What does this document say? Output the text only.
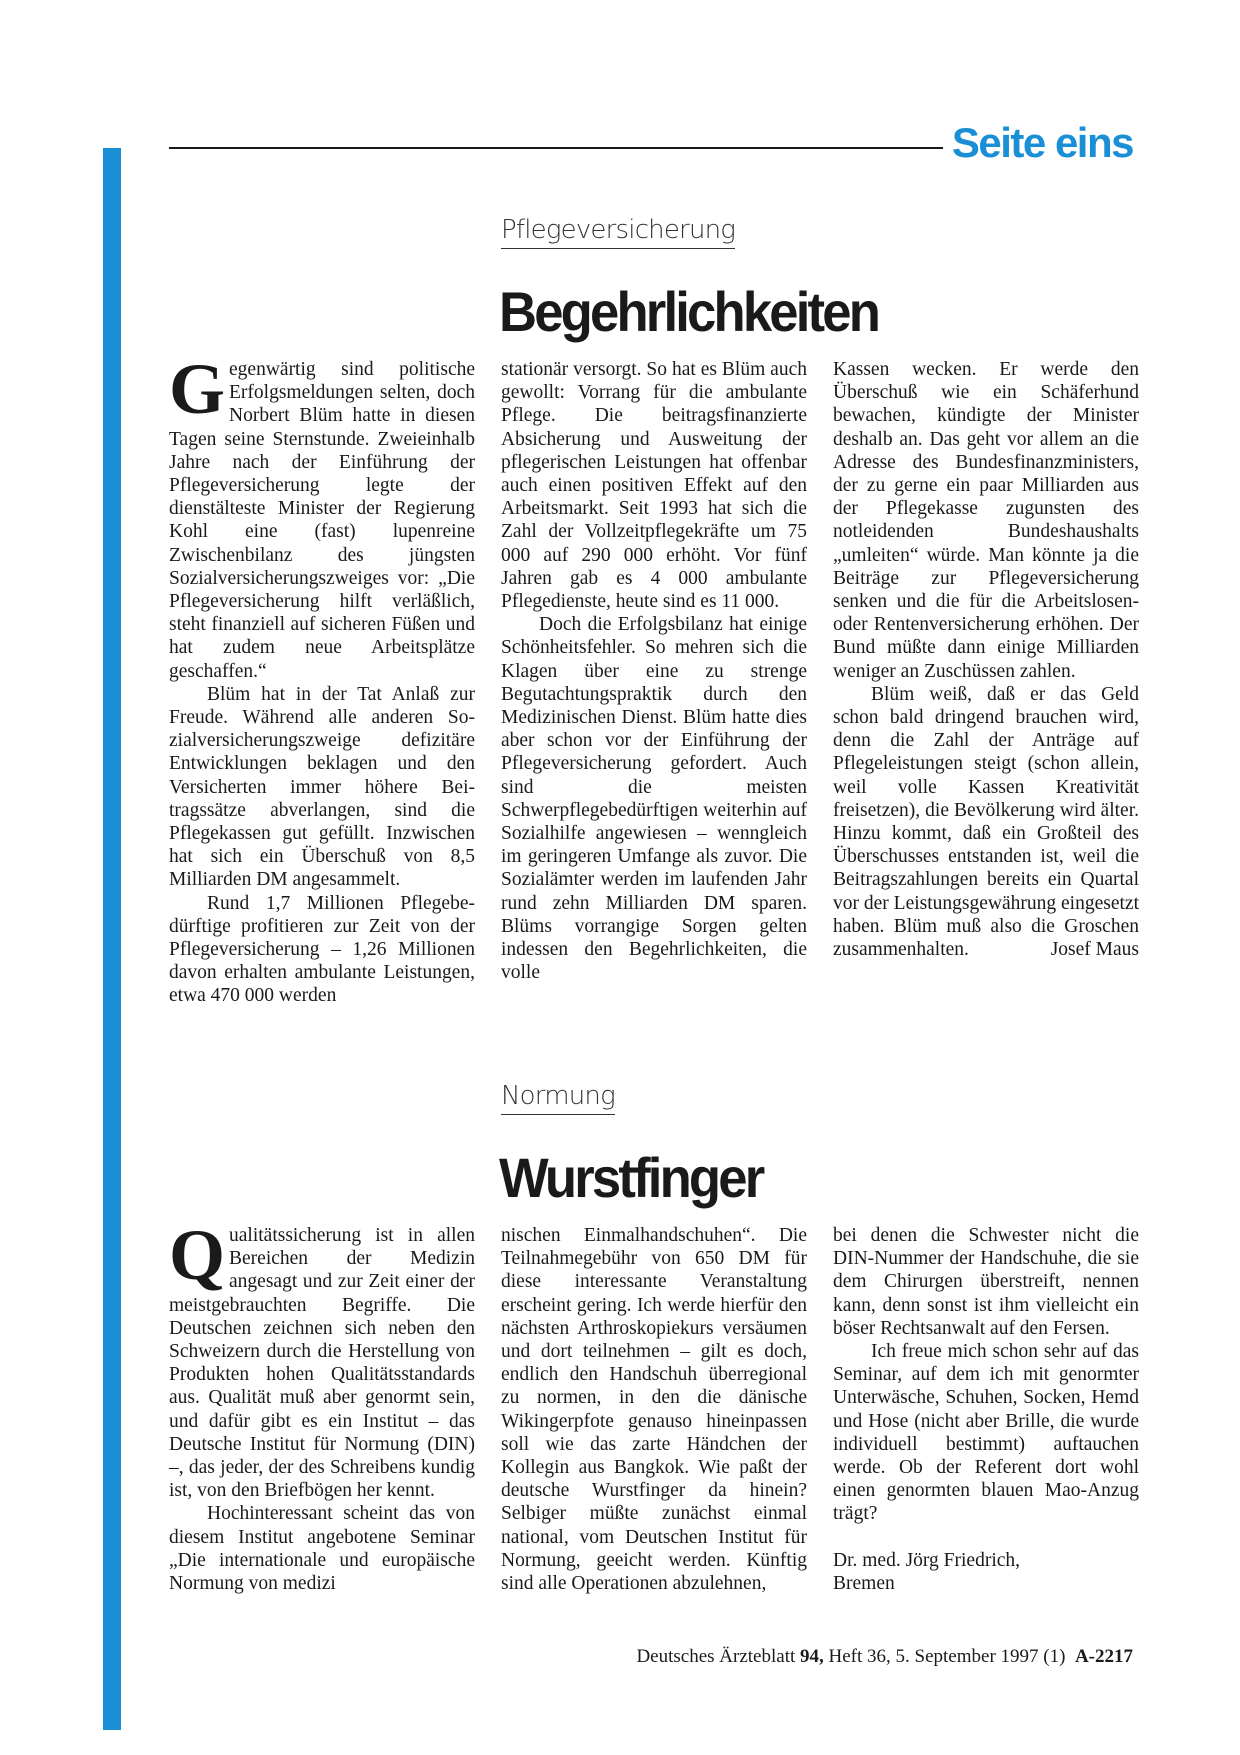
Seite eins
Pflegeversicherung
Begehrlichkeiten

Gegenwärtig sind politische Erfolgsmeldungen selten, doch Norbert Blüm hatte in diesen Tagen seine Sternstunde. Zweieinhalb Jahre nach der Einführung der Pflegeversicherung legte der dienstälteste Minister der Regierung Kohl eine (fast) lupenreine Zwischenbilanz des jüngsten Sozialversicherungszweiges vor: „Die Pflegeversicherung hilft verläßlich, steht finanziell auf sicheren Füßen und hat zudem neue Arbeitsplätze geschaffen.“

Blüm hat in der Tat Anlaß zur Freude. Während alle anderen Sozialversicherungszweige defizitäre Entwicklungen beklagen und den Versicherten immer höhere Beitragssätze abverlangen, sind die Pflegekassen gut gefüllt. Inzwischen hat sich ein Überschuß von 8,5 Milliarden DM angesammelt.

Rund 1,7 Millionen Pflegebedürftige profitieren zur Zeit von der Pflegeversicherung – 1,26 Millionen davon erhalten ambulante Leistungen, etwa 470 000 werden

stationär versorgt. So hat es Blüm auch gewollt: Vorrang für die ambulante Pflege. Die beitragsfinanzierte Absicherung und Ausweitung der pflegerischen Leistungen hat offenbar auch einen positiven Effekt auf den Arbeitsmarkt. Seit 1993 hat sich die Zahl der Vollzeitpflegekräfte um 75 000 auf 290 000 erhöht. Vor fünf Jahren gab es 4 000 ambulante Pflegedienste, heute sind es 11 000.

Doch die Erfolgsbilanz hat einige Schönheitsfehler. So mehren sich die Klagen über eine zu strenge Begutachtungspraktik durch den Medizinischen Dienst. Blüm hatte dies aber schon vor der Einführung der Pflegeversicherung gefordert. Auch sind die meisten Schwerpflegebedürftigen weiterhin auf Sozialhilfe angewiesen – wenngleich im geringeren Umfange als zuvor. Die Sozialämter werden im laufenden Jahr rund zehn Milliarden DM sparen. Blüms vorrangige Sorgen gelten indessen den Begehrlichkeiten, die volle

Kassen wecken. Er werde den Überschuß wie ein Schäferhund bewachen, kündigte der Minister deshalb an. Das geht vor allem an die Adresse des Bundesfinanzministers, der zu gerne ein paar Milliarden aus der Pflegekasse zugunsten des notleidenden Bundeshaushalts „umleiten“ würde. Man könnte ja die Beiträge zur Pflegeversicherung senken und die für die Arbeitslosen- oder Rentenversicherung erhöhen. Der Bund müßte dann einige Milliarden weniger an Zuschüssen zahlen.

Blüm weiß, daß er das Geld schon bald dringend brauchen wird, denn die Zahl der Anträge auf Pflegeleistungen steigt (schon allein, weil volle Kassen Kreativität freisetzen), die Bevölkerung wird älter. Hinzu kommt, daß ein Großteil des Überschusses entstanden ist, weil die Beitragszahlungen bereits ein Quartal vor der Leistungsgewährung eingesetzt haben. Blüm muß also die Groschen zusammenhalten.	Josef Maus

Normung
Wurstfinger

Qualitätssicherung ist in allen Bereichen der Medizin angesagt und zur Zeit einer der meistgebrauchten Begriffe. Die Deutschen zeichnen sich neben den Schweizern durch die Herstellung von Produkten hohen Qualitätsstandards aus. Qualität muß aber genormt sein, und dafür gibt es ein Institut – das Deutsche Institut für Normung (DIN) –, das jeder, der des Schreibens kundig ist, von den Briefbögen her kennt.

Hochinteressant scheint das von diesem Institut angebotene Seminar „Die internationale und europäische Normung von medizi

nischen Einmalhandschuhen“. Die Teilnahmegebühr von 650 DM für diese interessante Veranstaltung erscheint gering. Ich werde hierfür den nächsten Arthroskopiekurs versäumen und dort teilnehmen – gilt es doch, endlich den Handschuh überregional zu normen, in den die dänische Wikingerpfote genauso hineinpassen soll wie das zarte Händchen der Kollegin aus Bangkok. Wie paßt der deutsche Wurstfinger da hinein? Selbiger müßte zunächst einmal national, vom Deutschen Institut für Normung, geeicht werden. Künftig sind alle Operationen abzulehnen,

bei denen die Schwester nicht die DIN-Nummer der Handschuhe, die sie dem Chirurgen überstreift, nennen kann, denn sonst ist ihm vielleicht ein böser Rechtsanwalt auf den Fersen.

Ich freue mich schon sehr auf das Seminar, auf dem ich mit genormter Unterwäsche, Schuhen, Socken, Hemd und Hose (nicht aber Brille, die wurde individuell bestimmt) auftauchen werde. Ob der Referent dort wohl einen genormten blauen Mao-Anzug trägt?

Dr. med. Jörg Friedrich,

Bremen

Deutsches Ärzteblatt 94, Heft 36, 5. September 1997 (1) A-2217
